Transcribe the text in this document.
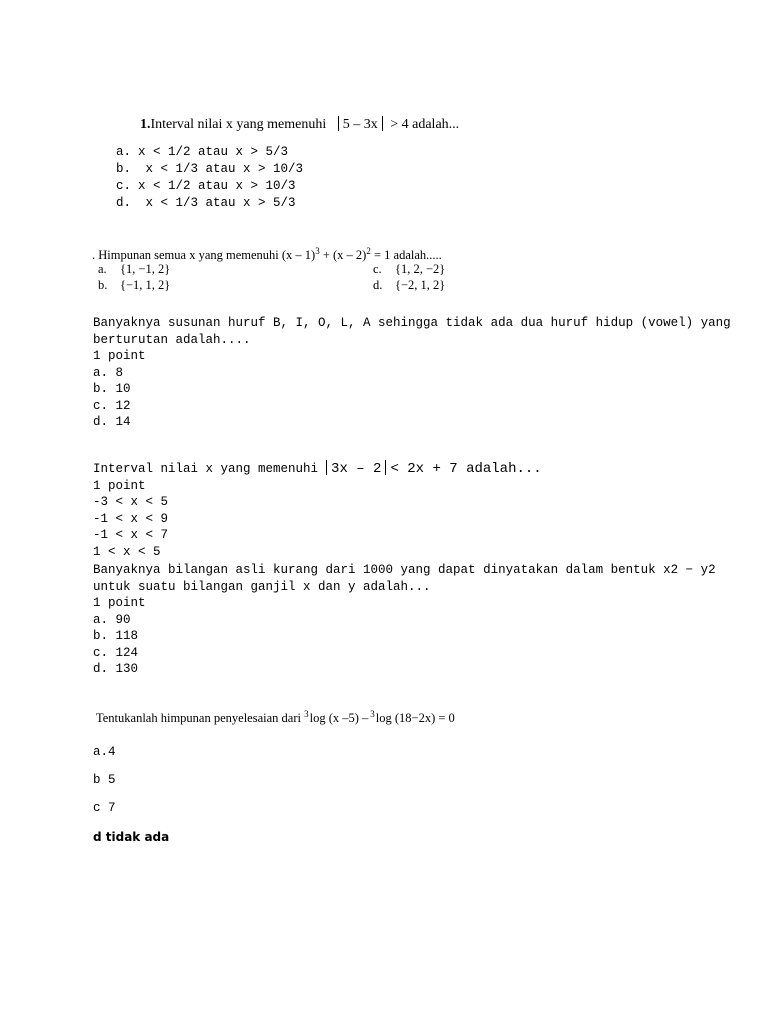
1.Interval nilai x yang memenuhi 5 – 3x > 4 adalah...
a. x < 1/2 atau x > 5/3
b. x < 1/3 atau x > 10/3
c. x < 1/2 atau x > 10/3
d. x < 1/3 atau x > 5/3
. Himpunan semua x yang memenuhi (x – 1)$^3$ + (x – 2)$^2$ = 1 adalah.....
a. {1, −1, 2}
b. {−1, 1, 2}
c. {1, 2, −2}
d. {−2, 1, 2}
Banyaknya susunan huruf B, I, O, L, A sehingga tidak ada dua huruf hidup (vowel) yang
berturutan adalah....
1 point
a. 8
b. 10
c. 12
d. 14
Interval nilai x yang memenuhi 3x – 2 < 2x + 7 adalah...
1 point
-3 < x < 5
-1 < x < 9
-1 < x < 7
1 < x < 5
Banyaknya bilangan asli kurang dari 1000 yang dapat dinyatakan dalam bentuk x2 − y2
untuk suatu bilangan ganjil x dan y adalah...
1 point
a. 90
b. 118
c. 124
d. 130
Tentukanlah himpunan penyelesaian dari $^3$log (x –5) – $^3$log (18−2x) = 0
a.4
b 5
c 7
d tidak ada
